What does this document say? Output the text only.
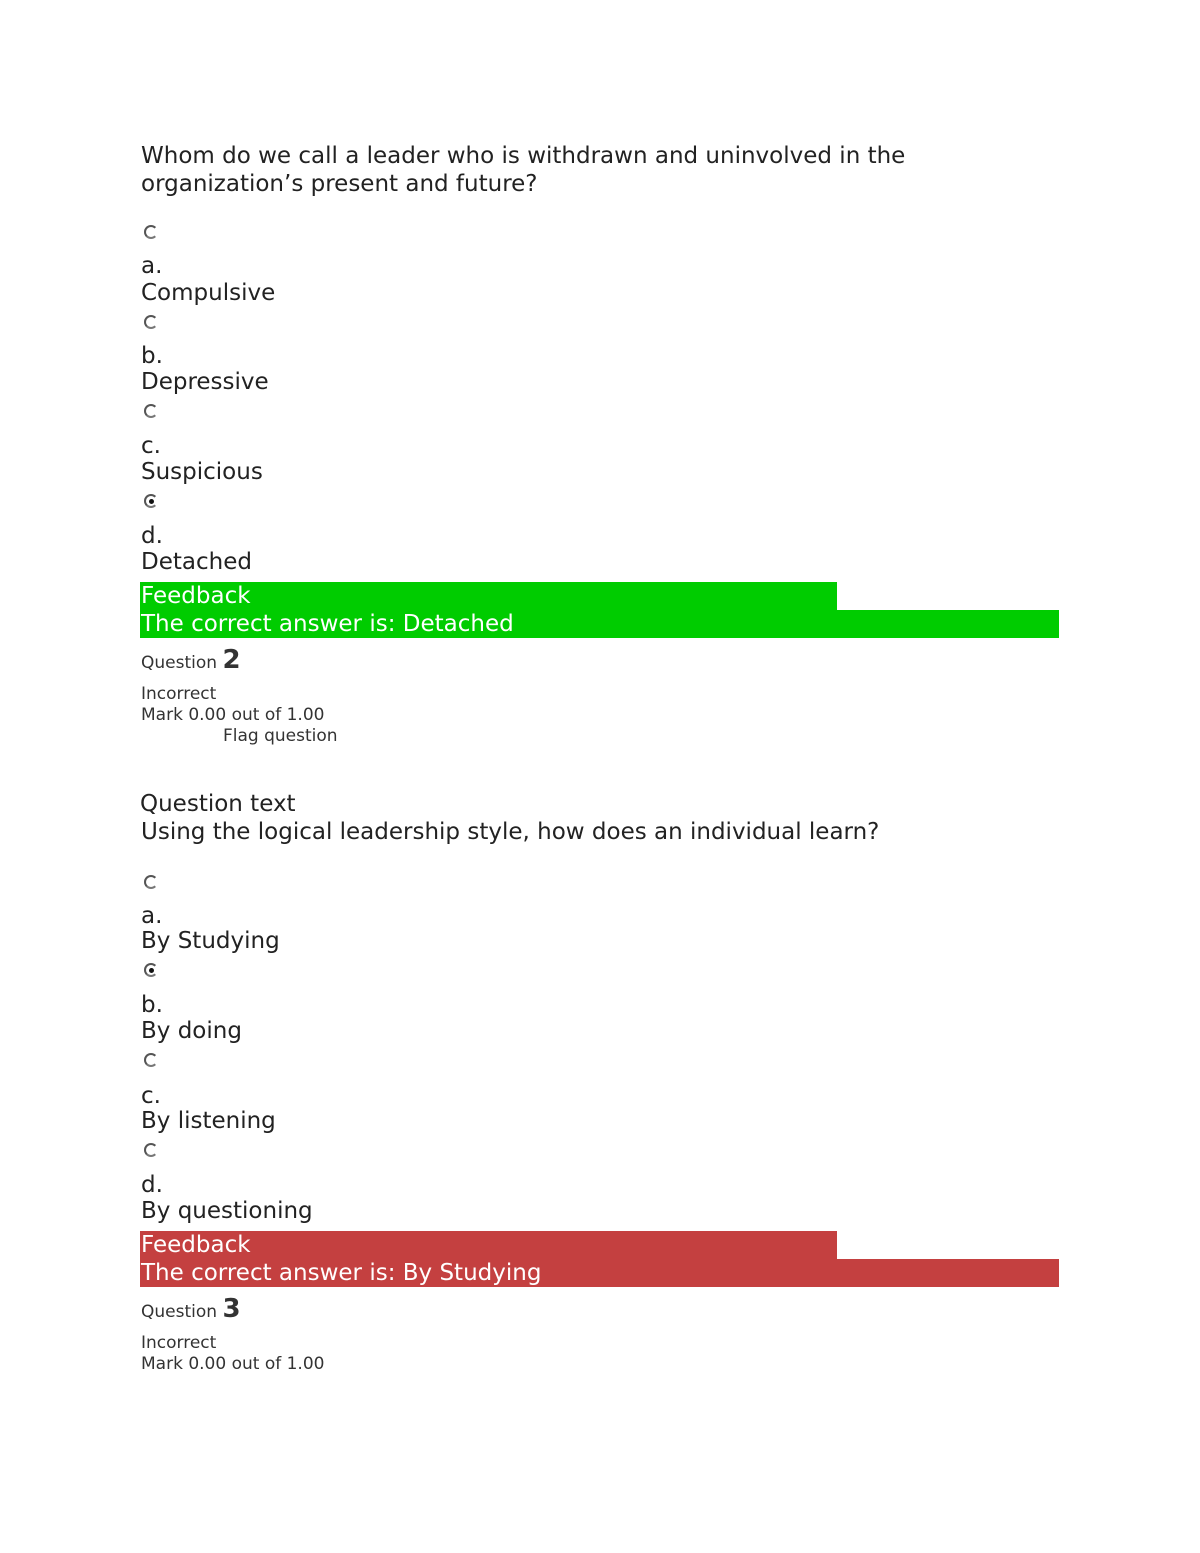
Whom do we call a leader who is withdrawn and uninvolved in the
organization’s present and future?
a.
Compulsive
b.
Depressive
c.
Suspicious
d.
Detached
Feedback
The correct answer is: Detached
Question 2
Incorrect
Mark 0.00 out of 1.00
Flag question
Question text
Using the logical leadership style, how does an individual learn?
a.
By Studying
b.
By doing
c.
By listening
d.
By questioning
Feedback
The correct answer is: By Studying
Question 3
Incorrect
Mark 0.00 out of 1.00
